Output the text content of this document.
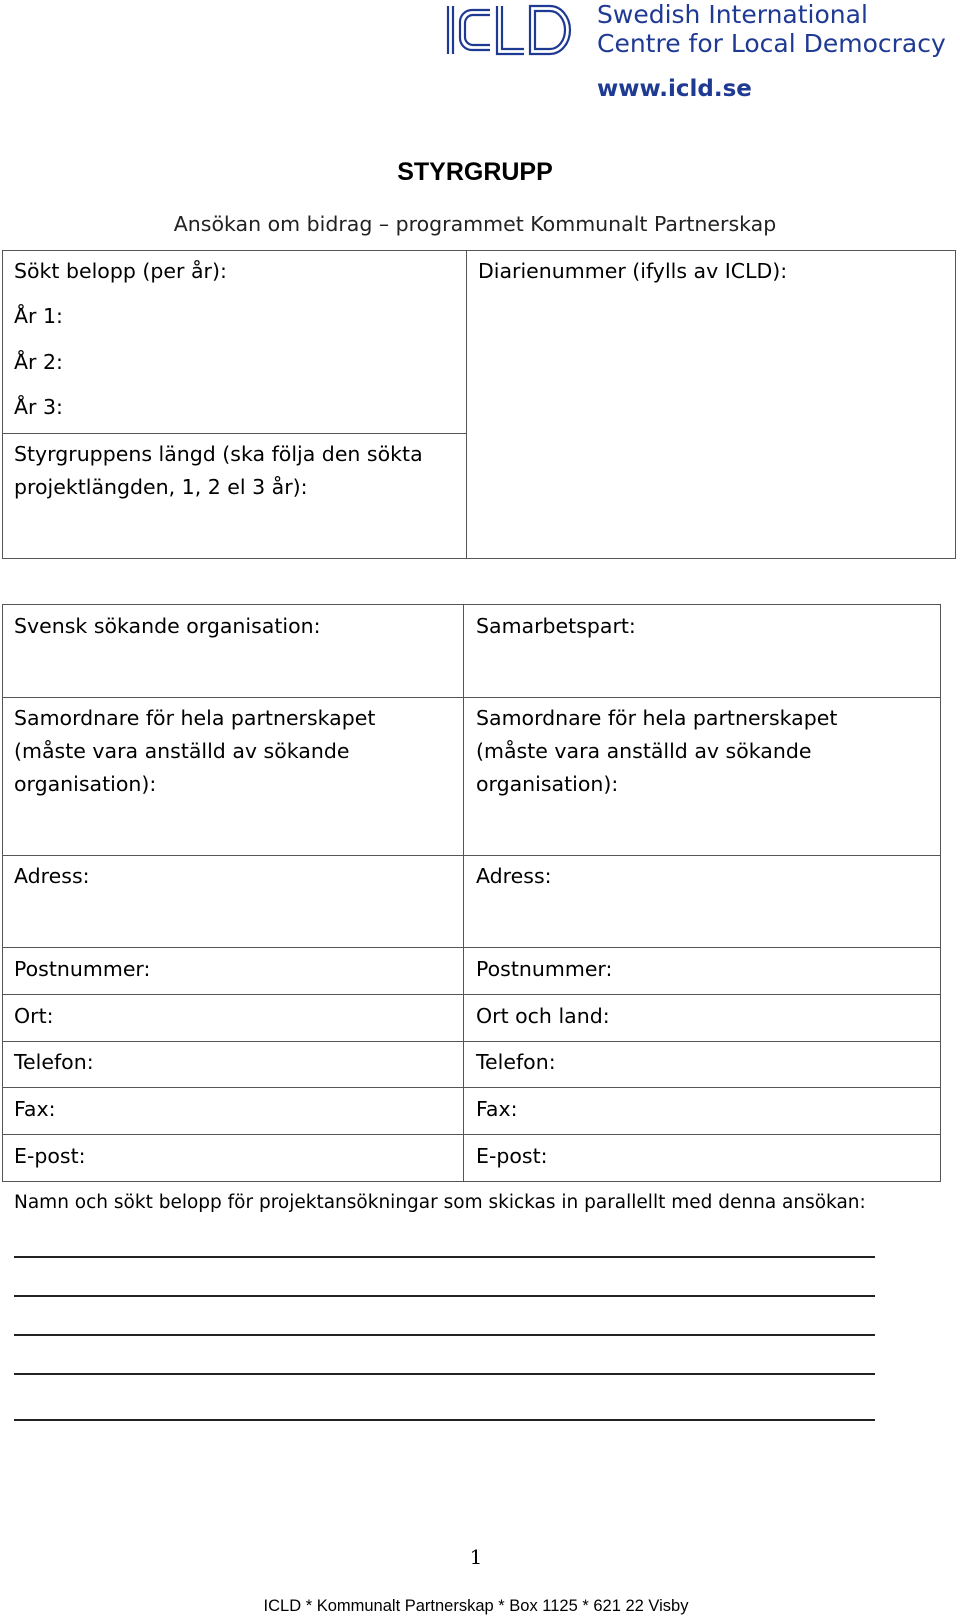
Swedish International
Centre for Local Democracy
www.icld.se
STYRGRUPP
Ansökan om bidrag – programmet Kommunalt Partnerskap
Sökt belopp (per år):
År 1:
År 2:
År 3:
Styrgruppens längd (ska följa den sökta
projektlängden, 1, 2 el 3 år):
Diarienummer (ifylls av ICLD):
Svensk sökande organisation:
Samordnare för hela partnerskapet
(måste vara anställd av sökande
organisation):
Adress:
Postnummer:
Ort:
Telefon:
Fax:
E-post:
Samarbetspart:
Samordnare för hela partnerskapet
(måste vara anställd av sökande
organisation):
Adress:
Postnummer:
Ort och land:
Telefon:
Fax:
E-post:
Namn och sökt belopp för projektansökningar som skickas in parallellt med denna ansökan:
1
ICLD * Kommunalt Partnerskap * Box 1125 * 621 22 Visby
